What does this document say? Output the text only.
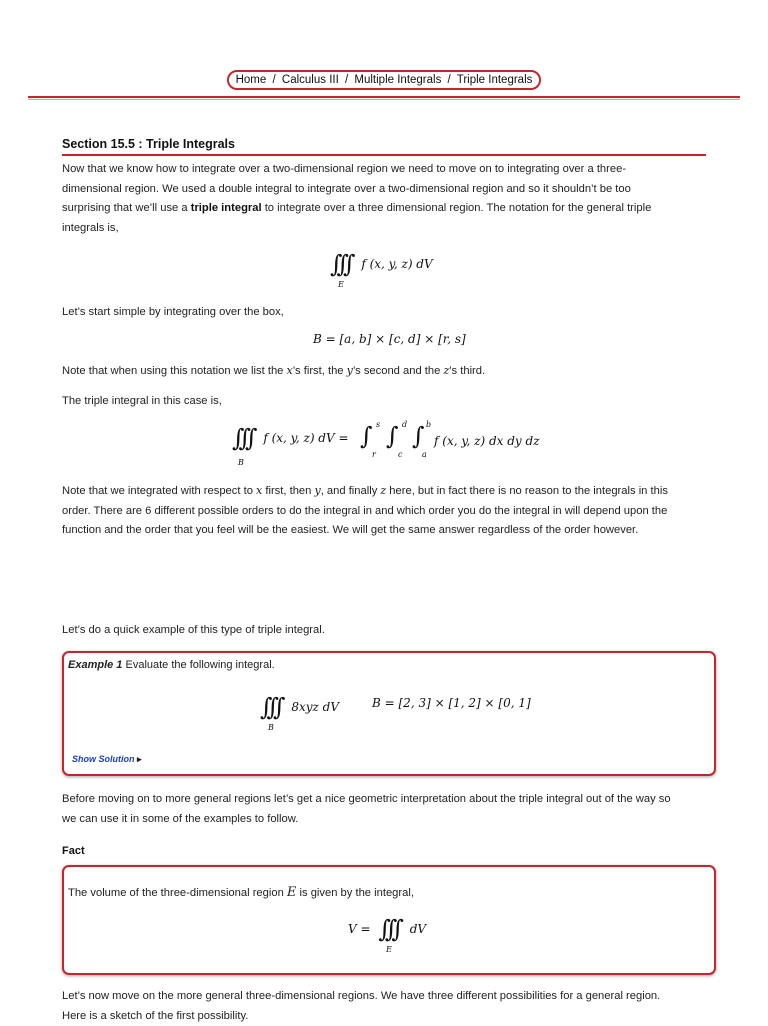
Home / Calculus III / Multiple Integrals / Triple Integrals
Section 15.5 : Triple Integrals
Now that we know how to integrate over a two-dimensional region we need to move on to integrating over a three-
dimensional region. We used a double integral to integrate over a two-dimensional region and so it shouldn’t be too
surprising that we’ll use a triple integral to integrate over a three dimensional region. The notation for the general triple
integrals is,
∫∫∫ f (x, y, z) dV
E
Let’s start simple by integrating over the box,
B = [a, b] × [c, d] × [r, s]
Note that when using this notation we list the x’s first, the y’s second and the z’s third.
The triple integral in this case is,
∫∫∫ f (x, y, z) dV =
B
∫ s
r
∫ d
c
∫ b
a
f (x, y, z) dx dy dz
Note that we integrated with respect to x first, then y, and finally z here, but in fact there is no reason to the integrals in this
order. There are 6 different possible orders to do the integral in and which order you do the integral in will depend upon the
function and the order that you feel will be the easiest. We will get the same answer regardless of the order however.
Let’s do a quick example of this type of triple integral.
Example 1 Evaluate the following integral.
∫∫∫ 8xyz dV
B
B = [2, 3] × [1, 2] × [0, 1]
Show Solution ▸
Before moving on to more general regions let’s get a nice geometric interpretation about the triple integral out of the way so
we can use it in some of the examples to follow.
Fact
The volume of the three-dimensional region E is given by the integral,
V = ∫∫∫ dV
E
Let’s now move on the more general three-dimensional regions. We have three different possibilities for a general region.
Here is a sketch of the first possibility.
